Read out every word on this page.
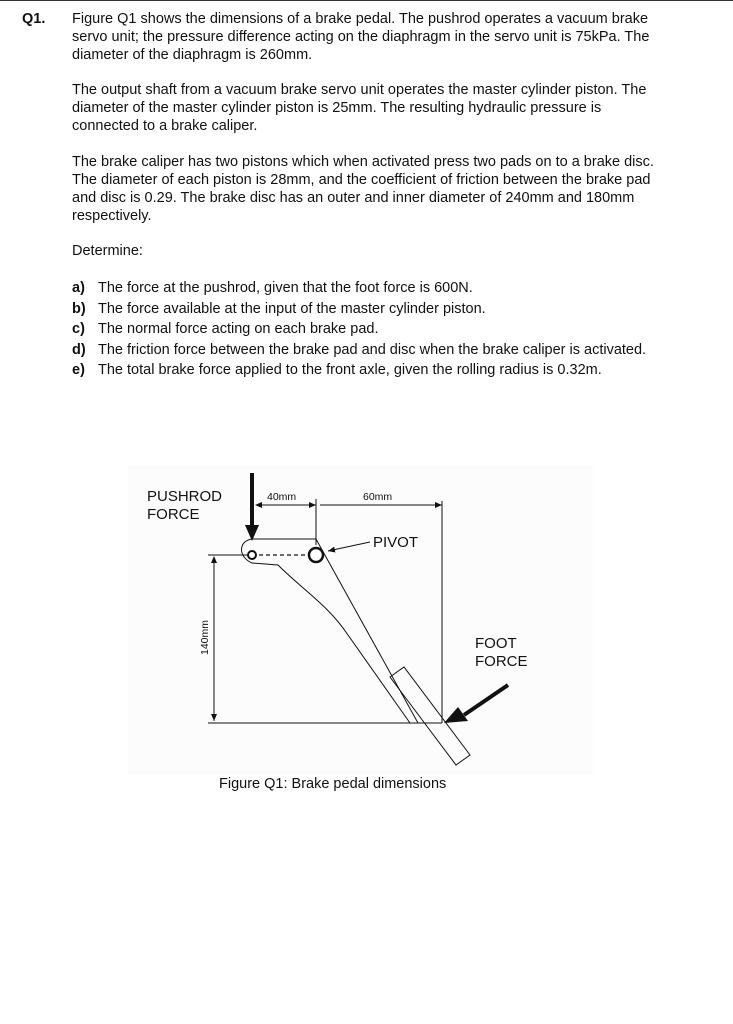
Q1. Figure Q1 shows the dimensions of a brake pedal. The pushrod operates a vacuum brake servo unit; the pressure difference acting on the diaphragm in the servo unit is 75kPa. The diameter of the diaphragm is 260mm.
The output shaft from a vacuum brake servo unit operates the master cylinder piston. The diameter of the master cylinder piston is 25mm. The resulting hydraulic pressure is connected to a brake caliper.
The brake caliper has two pistons which when activated press two pads on to a brake disc. The diameter of each piston is 28mm, and the coefficient of friction between the brake pad and disc is 0.29. The brake disc has an outer and inner diameter of 240mm and 180mm respectively.
Determine:
a) The force at the pushrod, given that the foot force is 600N.
b) The force available at the input of the master cylinder piston.
c) The normal force acting on each brake pad.
d) The friction force between the brake pad and disc when the brake caliper is activated.
e) The total brake force applied to the front axle, given the rolling radius is 0.32m.
PUSHROD
FORCE
40mm	60mm
PIVOT
FOOT
FORCE
140mm
Figure Q1: Brake pedal dimensions
